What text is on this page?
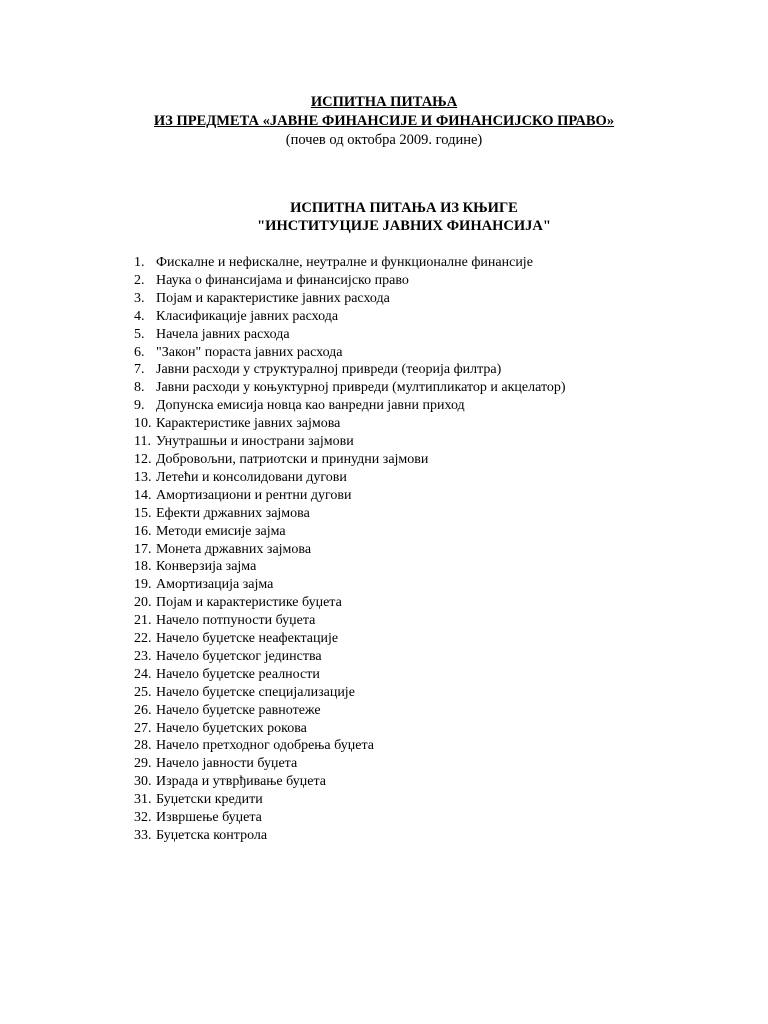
ИСПИТНА ПИТАЊА
ИЗ ПРЕДМЕТА «ЈАВНЕ ФИНАНСИЈЕ И ФИНАНСИЈСКО ПРАВО»
(почев од октобра 2009. године)
ИСПИТНА ПИТАЊА ИЗ КЊИГЕ
"ИНСТИТУЦИЈЕ ЈАВНИХ ФИНАНСИЈА"
1. Фискалне и нефискалне, неутралне и функционалне финансије
2. Наука о финансијама и финансијско право
3. Појам и карактеристике јавних расхода
4. Класификације јавних расхода
5. Начела јавних расхода
6. "Закон" пораста јавних расхода
7. Јавни расходи у структуралној привреди (теорија филтра)
8. Јавни расходи у коњуктурној привреди (мултипликатор и акцелатор)
9. Допунска емисија новца као ванредни јавни приход
10. Карактеристике јавних зајмова
11. Унутрашњи и инострани зајмови
12. Добровољни, патриотски и принудни зајмови
13. Летећи и консолидовани дугови
14. Амортизациони и рентни дугови
15. Ефекти државних зајмова
16. Методи емисије зајма
17. Монета државних зајмова
18. Конверзија зајма
19. Амортизација зајма
20. Појам и карактеристике буџета
21. Начело потпуности буџета
22. Начело буџетске неафектације
23. Начело буџетског јединства
24. Начело буџетске реалности
25. Начело буџетске специјализације
26. Начело буџетске равнотеже
27. Начело буџетских рокова
28. Начело претходног одобрења буџета
29. Начело јавности буџета
30. Израда и утврђивање буџета
31. Буџетски кредити
32. Извршење буџета
33. Буџетска контрола
